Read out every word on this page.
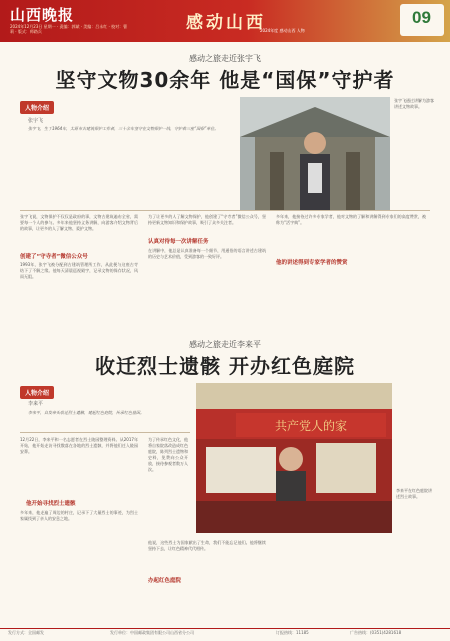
山西晚报
2024年12月23日 星期一 · 责编：郭斌 · 美编：吕永红 · 校对：曹莉 · 版式：师路兵	感动山西
2024年度 感动山西 人物
09
感动之旅走近张宇飞
坚守文物30余年 他是“国保”守护者
人物介绍
张宇飞
张宇飞，生于1964年，太原市古建筑保护工作者，三十余年坚守在文物保护一线，守护着三座“国保”单位。
张宇飞通过讲解为游客讲述文物故事。
创建了“守寺者”微信公众号
张宇飞说，文物保护不仅仅是政府的事，文物古建筑遍布全省，需要每一个人的参与。多年来他坚持义务讲解，向游客介绍文物背后的故事，让更多的人了解文物、爱护文物。
1993年，张宇飞被分配到古建筑管理所工作，从此便与这座古寺结下了不解之缘。他每天清晨巡视殿宇，记录文物的保存状况，风雨无阻。
为了让更多的人了解文物保护，他创建了“守寺者”微信公众号，坚持更新文物知识和保护故事，吸引了众多关注者。
认真对待每一次讲解任务
在讲解中，他总是认真准备每一个细节，用通俗的语言讲述古建筑的历史与艺术价值，受到游客的一致好评。
多年来，他接待过许多专家学者，他对文物的了解和讲解得到专家们的高度赞赏，被称为“活字典”。
他的讲述得到专家学者的赞赏
感动之旅走近李来平
收迁烈士遗骸 开办红色庭院
人物介绍
李来平
李来平，自发牵头收迁烈士遗骸，建起红色庭院，传承红色基因。
共产党人的家
李来平在红色庭院讲述烈士故事。
12月22日，李来平和一名志愿者在烈士陵园整理资料。从2017年开始，他开始走访寻找散落在各地的烈士遗骸，并将他们迁入陵园安葬。
他开始寻找烈士遗骸
多年来，他走遍了周边的村庄，记录下了大量烈士的事迹，为烈士家属找到了亲人的安息之地。
为了传承红色文化，他将自家院落改造成红色庭院，陈列烈士遗物和史料，免费向公众开放，接待参观者数万人次。
办起红色庭院
他说，这些烈士为国家献出了生命，我们不能忘记他们。他将继续坚持下去，让红色精神代代相传。
发行方式：全国邮发	发行单位：中国邮政集团有限公司山西省分公司	订报热线：11185	广告热线：(0351)4281618
